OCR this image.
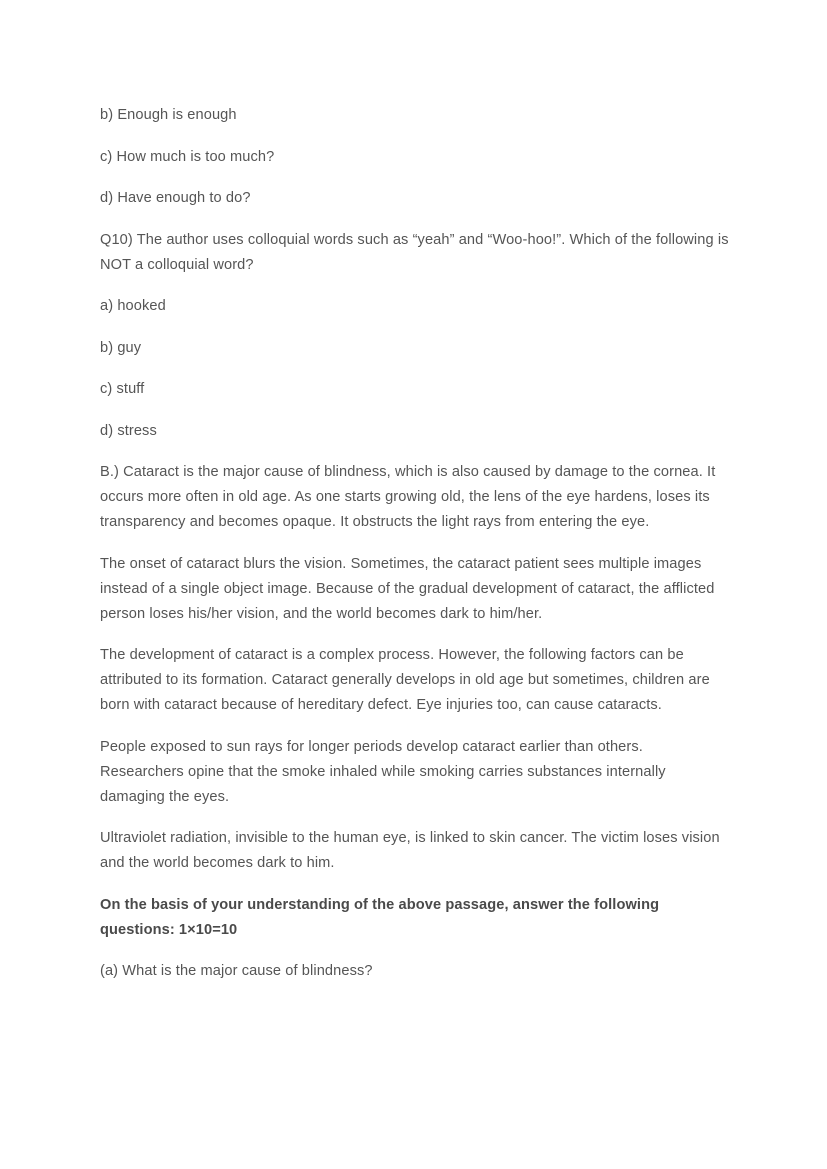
b) Enough is enough

c) How much is too much?

d) Have enough to do?

Q10) The author uses colloquial words such as “yeah” and “Woo-hoo!”. Which of the following is NOT a colloquial word?

a) hooked

b) guy

c) stuff

d) stress

B.) Cataract is the major cause of blindness, which is also caused by damage to the cornea. It occurs more often in old age. As one starts growing old, the lens of the eye hardens, loses its transparency and becomes opaque. It obstructs the light rays from entering the eye.

The onset of cataract blurs the vision. Sometimes, the cataract patient sees multiple images instead of a single object image. Because of the gradual development of cataract, the afflicted person loses his/her vision, and the world becomes dark to him/her.

The development of cataract is a complex process. However, the following factors can be attributed to its formation. Cataract generally develops in old age but sometimes, children are born with cataract because of hereditary defect. Eye injuries too, can cause cataracts.

People exposed to sun rays for longer periods develop cataract earlier than others. Researchers opine that the smoke inhaled while smoking carries substances internally damaging the eyes.

Ultraviolet radiation, invisible to the human eye, is linked to skin cancer. The victim loses vision and the world becomes dark to him.

On the basis of your understanding of the above passage, answer the following questions: 1×10=10

(a) What is the major cause of blindness?
